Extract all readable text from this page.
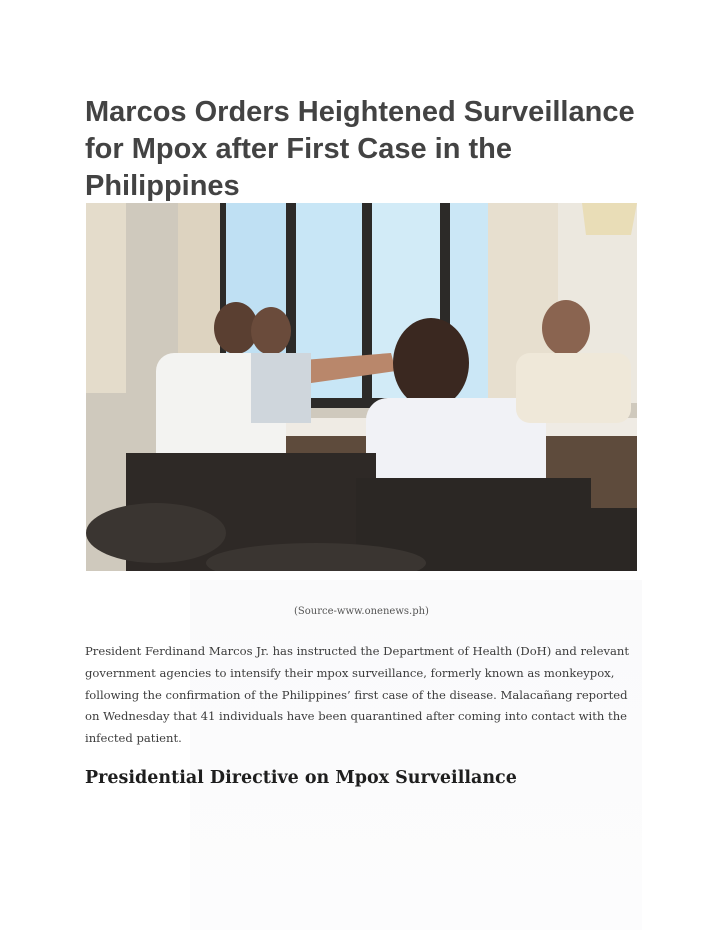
Marcos Orders Heightened Surveillance for Mpox after First Case in the Philippines
(Source-www.onenews.ph)

President Ferdinand Marcos Jr. has instructed the Department of Health (DoH) and relevant government agencies to intensify their mpox surveillance, formerly known as monkeypox, following the confirmation of the Philippines’ first case of the disease. Malacañang reported on Wednesday that 41 individuals have been quarantined after coming into contact with the infected patient.

Presidential Directive on Mpox Surveillance
